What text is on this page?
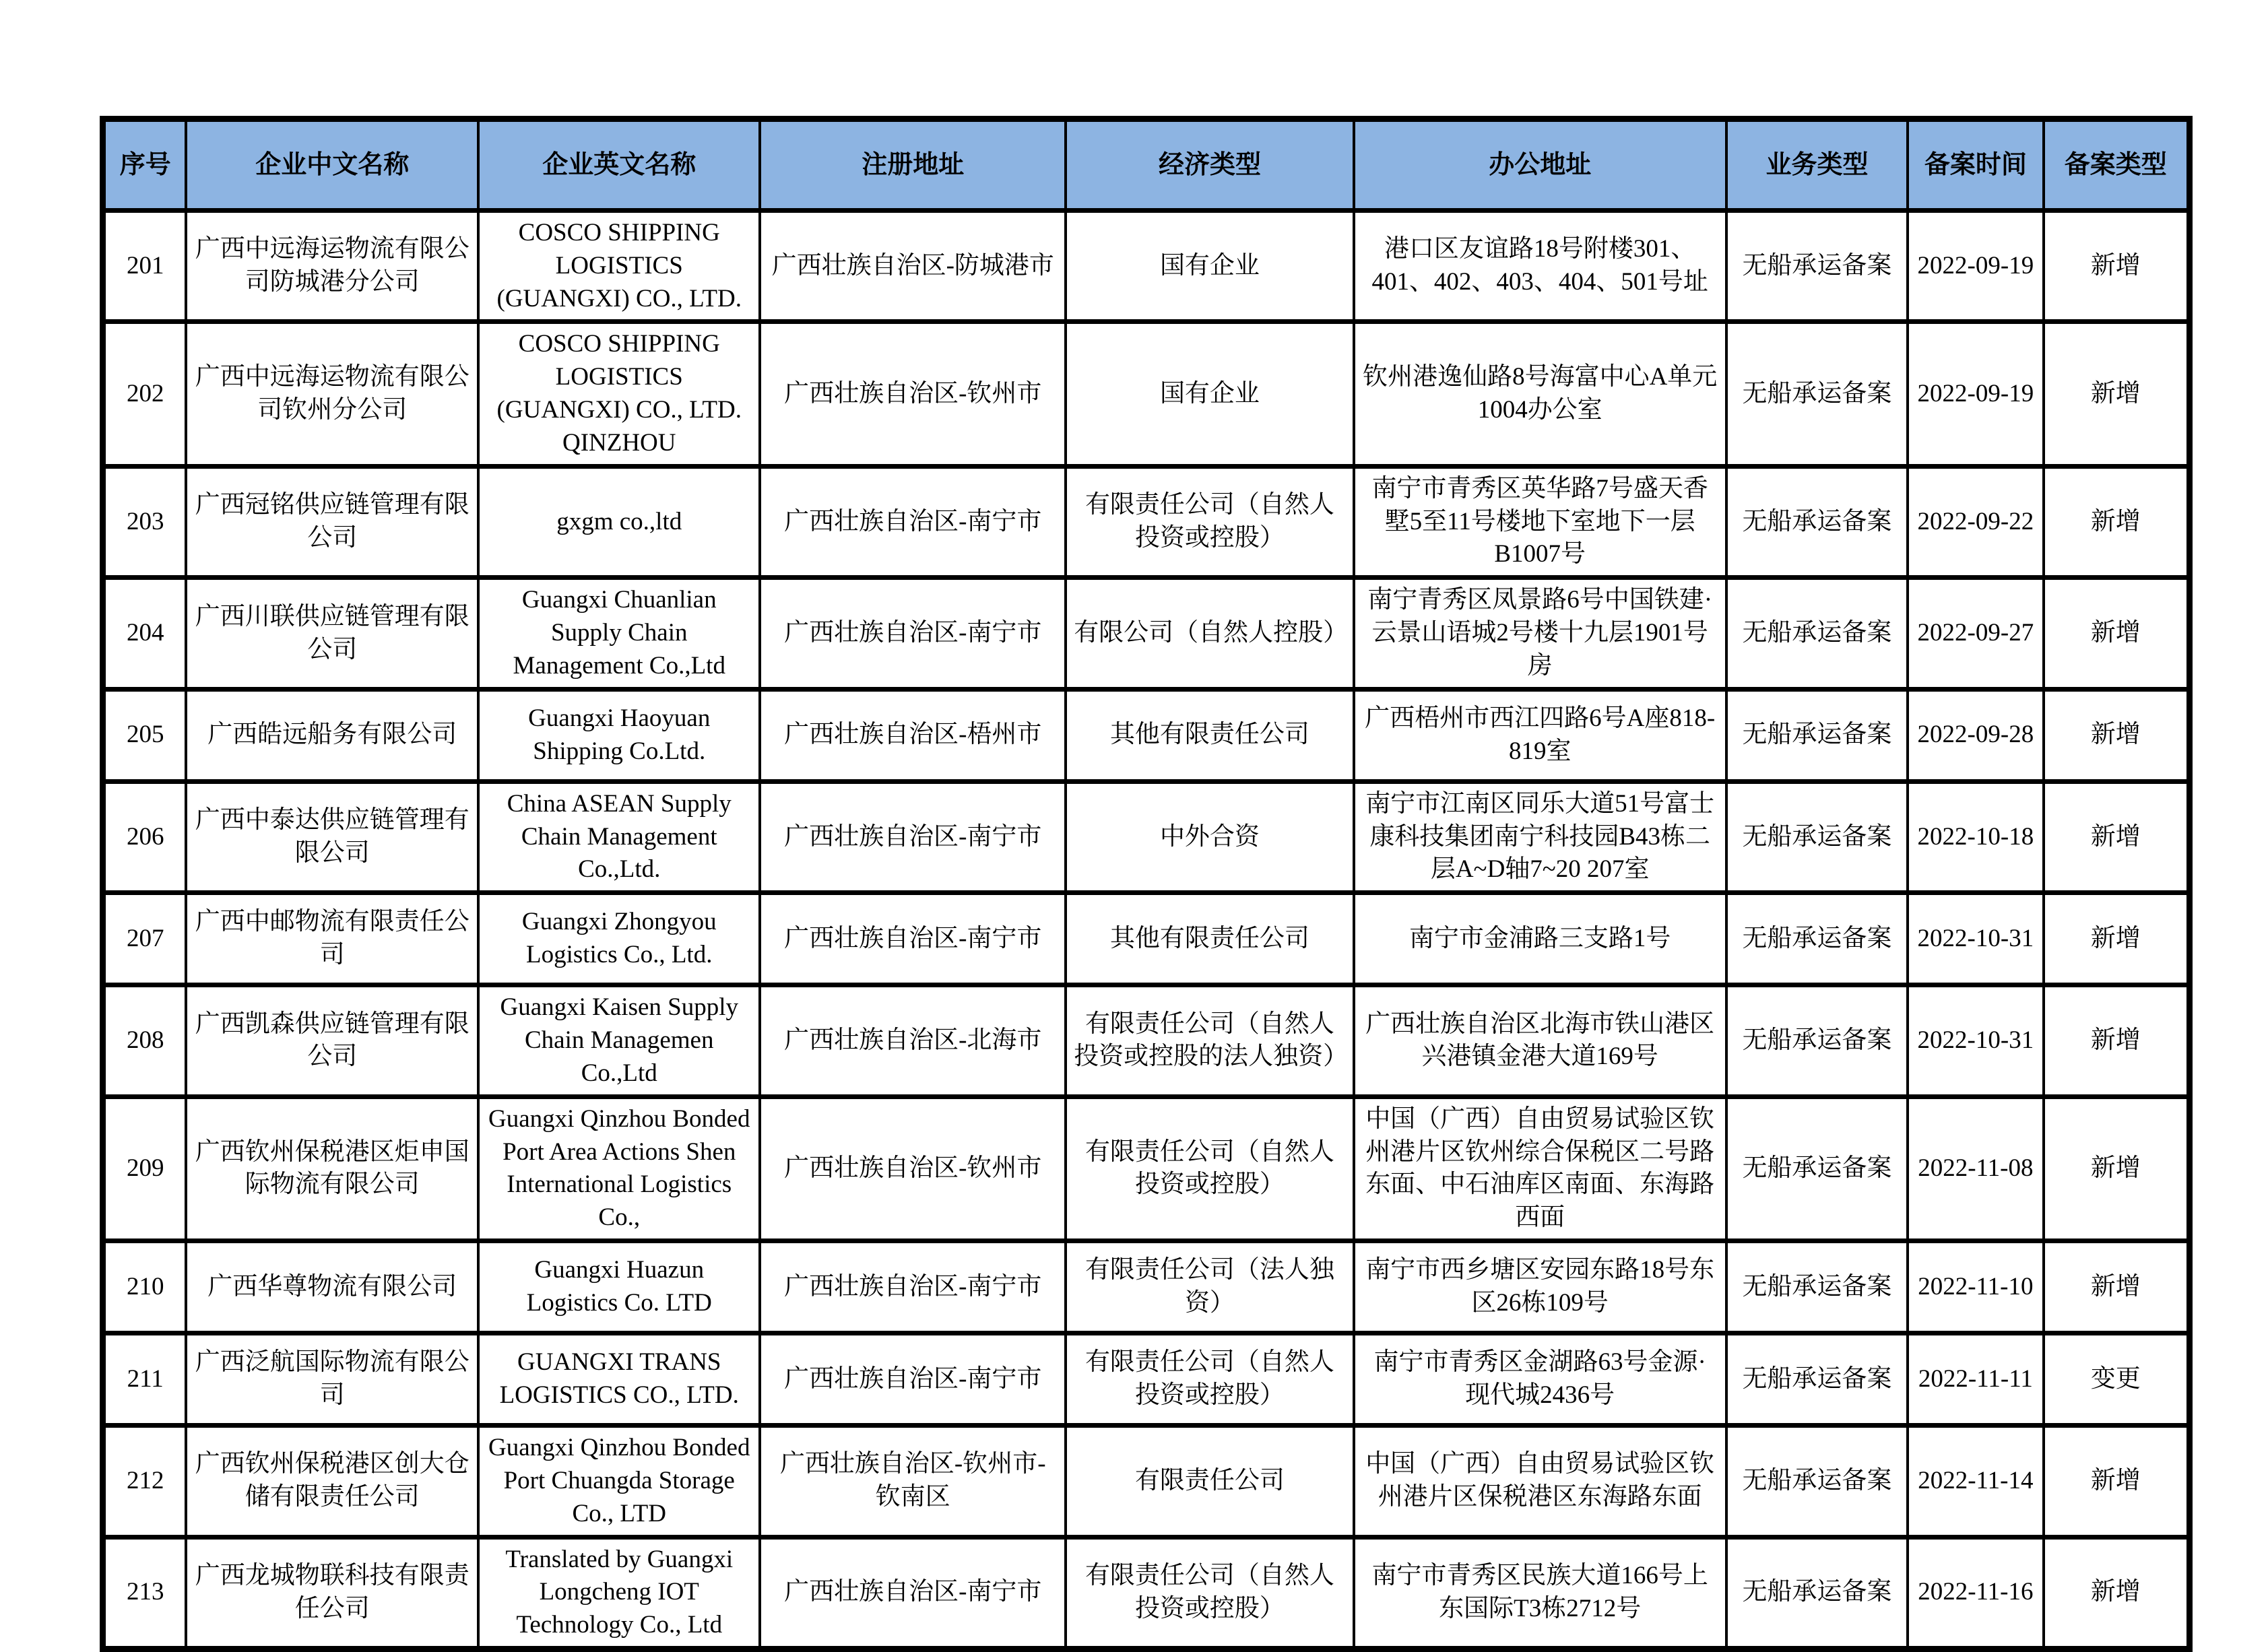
序号	企业中文名称	企业英文名称	注册地址	经济类型	办公地址	业务类型	备案时间	备案类型
201	广西中远海运物流有限公司防城港分公司	COSCO SHIPPING LOGISTICS (GUANGXI) CO., LTD.	广西壮族自治区-防城港市	国有企业	港口区友谊路18号附楼301、401、402、403、404、501号址	无船承运备案	2022-09-19	新增
202	广西中远海运物流有限公司钦州分公司	COSCO SHIPPING LOGISTICS (GUANGXI) CO., LTD. QINZHOU	广西壮族自治区-钦州市	国有企业	钦州港逸仙路8号海富中心A单元1004办公室	无船承运备案	2022-09-19	新增
203	广西冠铭供应链管理有限公司	gxgm co.,ltd	广西壮族自治区-南宁市	有限责任公司（自然人投资或控股）	南宁市青秀区英华路7号盛天香墅5至11号楼地下室地下一层B1007号	无船承运备案	2022-09-22	新增
204	广西川联供应链管理有限公司	Guangxi Chuanlian Supply Chain Management Co.,Ltd	广西壮族自治区-南宁市	有限公司（自然人控股）	南宁青秀区凤景路6号中国铁建·云景山语城2号楼十九层1901号房	无船承运备案	2022-09-27	新增
205	广西皓远船务有限公司	Guangxi Haoyuan Shipping Co.Ltd.	广西壮族自治区-梧州市	其他有限责任公司	广西梧州市西江四路6号A座818-819室	无船承运备案	2022-09-28	新增
206	广西中泰达供应链管理有限公司	China ASEAN Supply Chain Management Co.,Ltd.	广西壮族自治区-南宁市	中外合资	南宁市江南区同乐大道51号富士康科技集团南宁科技园B43栋二层A~D轴7~20 207室	无船承运备案	2022-10-18	新增
207	广西中邮物流有限责任公司	Guangxi Zhongyou Logistics Co., Ltd.	广西壮族自治区-南宁市	其他有限责任公司	南宁市金浦路三支路1号	无船承运备案	2022-10-31	新增
208	广西凯森供应链管理有限公司	Guangxi Kaisen Supply Chain Managemen Co.,Ltd	广西壮族自治区-北海市	有限责任公司（自然人投资或控股的法人独资）	广西壮族自治区北海市铁山港区兴港镇金港大道169号	无船承运备案	2022-10-31	新增
209	广西钦州保税港区炬申国际物流有限公司	Guangxi Qinzhou Bonded Port Area Actions Shen International Logistics Co.,	广西壮族自治区-钦州市	有限责任公司（自然人投资或控股）	中国（广西）自由贸易试验区钦州港片区钦州综合保税区二号路东面、中石油库区南面、东海路西面	无船承运备案	2022-11-08	新增
210	广西华尊物流有限公司	Guangxi Huazun Logistics Co. LTD	广西壮族自治区-南宁市	有限责任公司（法人独资）	南宁市西乡塘区安园东路18号东区26栋109号	无船承运备案	2022-11-10	新增
211	广西泛航国际物流有限公司	GUANGXI TRANS LOGISTICS CO., LTD.	广西壮族自治区-南宁市	有限责任公司（自然人投资或控股）	南宁市青秀区金湖路63号金源·现代城2436号	无船承运备案	2022-11-11	变更
212	广西钦州保税港区创大仓储有限责任公司	Guangxi Qinzhou Bonded Port Chuangda Storage Co., LTD	广西壮族自治区-钦州市-钦南区	有限责任公司	中国（广西）自由贸易试验区钦州港片区保税港区东海路东面	无船承运备案	2022-11-14	新增
213	广西龙城物联科技有限责任公司	Translated by Guangxi Longcheng IOT Technology Co., Ltd	广西壮族自治区-南宁市	有限责任公司（自然人投资或控股）	南宁市青秀区民族大道166号上东国际T3栋2712号	无船承运备案	2022-11-16	新增
